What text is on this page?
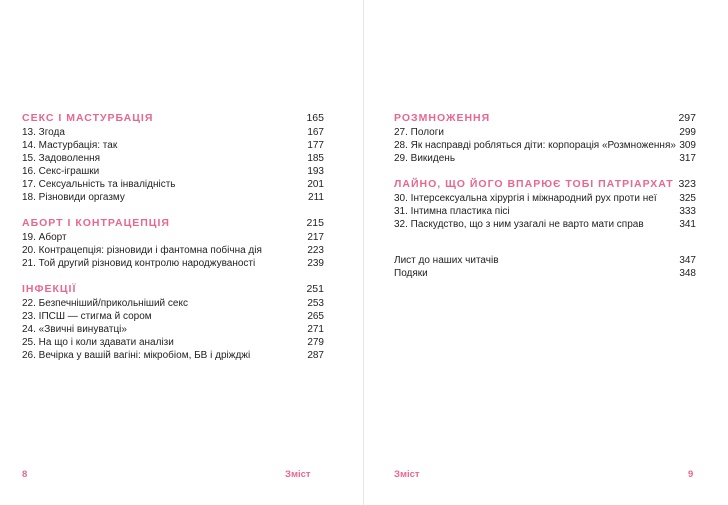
СЕКС І МАСТУРБАЦІЯ	165
13. Згода	167
14. Мастурбація: так	177
15. Задоволення	185
16. Секс-іграшки	193
17. Сексуальність та інвалідність	201
18. Різновиди оргазму	211
АБОРТ І КОНТРАЦЕПЦІЯ	215
19. Аборт	217
20. Контрацепція: різновиди і фантомна побічна дія	223
21. Той другий різновид контролю народжуваності	239
ІНФЕКЦІЇ	251
22. Безпечніший/прикольніший секс	253
23. ІПСШ — стигма й сором	265
24. «Звичні винуватці»	271
25. На що і коли здавати аналізи	279
26. Вечірка у вашій вагіні: мікробіом, БВ і дріжджі	287
8	Зміст
РОЗМНОЖЕННЯ	297
27. Пологи	299
28. Як насправді робляться діти: корпорація «Розмноження» 309
29. Викидень	317
ЛАЙНО, ЩО ЙОГО ВПАРЮЄ ТОБІ ПАТРІАРХАТ 323
30. Інтерсексуальна хірургія і міжнародний рух проти неї 325
31. Інтимна пластика пісі	333
32. Паскудство, що з ним узагалі не варто мати справ	341
Лист до наших читачів	347
Подяки	348
Зміст	9
